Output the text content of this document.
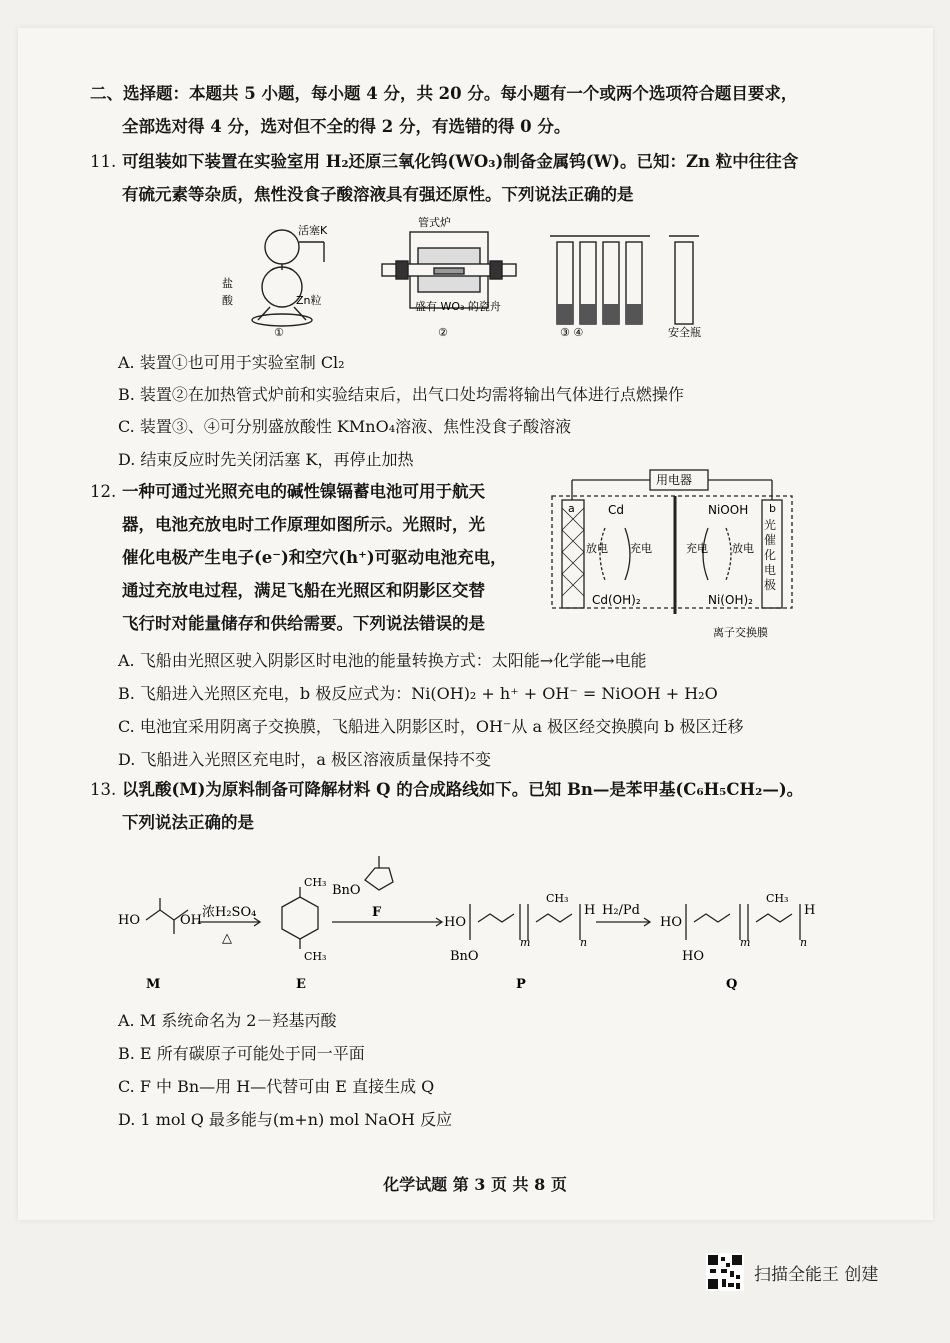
二、选择题：本题共 5 小题，每小题 4 分，共 20 分。每小题有一个或两个选项符合题目要求，
全部选对得 4 分，选对但不全的得 2 分，有选错的得 0 分。
11. 可组装如下装置在实验室用 H₂还原三氧化钨(WO₃)制备金属钨(W)。已知：Zn 粒中往往含
有硫元素等杂质，焦性没食子酸溶液具有强还原性。下列说法正确的是
活塞K
管式炉
盐
酸	Zn粒	盛有 WO₃ 的瓷舟
①	②	③ ④	安全瓶
A. 装置①也可用于实验室制 Cl₂
B. 装置②在加热管式炉前和实验结束后，出气口处均需将输出气体进行点燃操作
C. 装置③、④可分别盛放酸性 KMnO₄溶液、焦性没食子酸溶液
D. 结束反应时先关闭活塞 K，再停止加热
12. 一种可通过光照充电的碱性镍镉蓄电池可用于航天
器，电池充放电时工作原理如图所示。光照时，光
催化电极产生电子(e⁻)和空穴(h⁺)可驱动电池充电，
通过充放电过程，满足飞船在光照区和阴影区交替
飞行时对能量储存和供给需要。下列说法错误的是
用电器
a	Cd
Cd(OH)₂
放电 充电
NiOOH
Ni(OH)₂
充电 放电
b
离子交换膜
光催化电极
A. 飞船由光照区驶入阴影区时电池的能量转换方式：太阳能→化学能→电能
B. 飞船进入光照区充电，b 极反应式为：Ni(OH)₂ + h⁺ + OH⁻ = NiOOH + H₂O
C. 电池宜采用阴离子交换膜，飞船进入阴影区时，OH⁻从 a 极区经交换膜向 b 极区迁移
D. 飞船进入光照区充电时，a 极区溶液质量保持不变
13. 以乳酸(M)为原料制备可降解材料 Q 的合成路线如下。已知 Bn—是苯甲基(C₆H₅CH₂—)。
下列说法正确的是
HO	OH
M
浓H₂SO₄
△
CH₃
CH₃
E
BnO
F
HO
BnO
m
CH₃
n
H
P
H₂/Pd
HO
HO
m
CH₃
n
H
Q
A. M 系统命名为 2－羟基丙酸
B. E 所有碳原子可能处于同一平面
C. F 中 Bn—用 H—代替可由 E 直接生成 Q
D. 1 mol Q 最多能与(m+n) mol NaOH 反应
化学试题 第 3 页 共 8 页
扫描全能王 创建
